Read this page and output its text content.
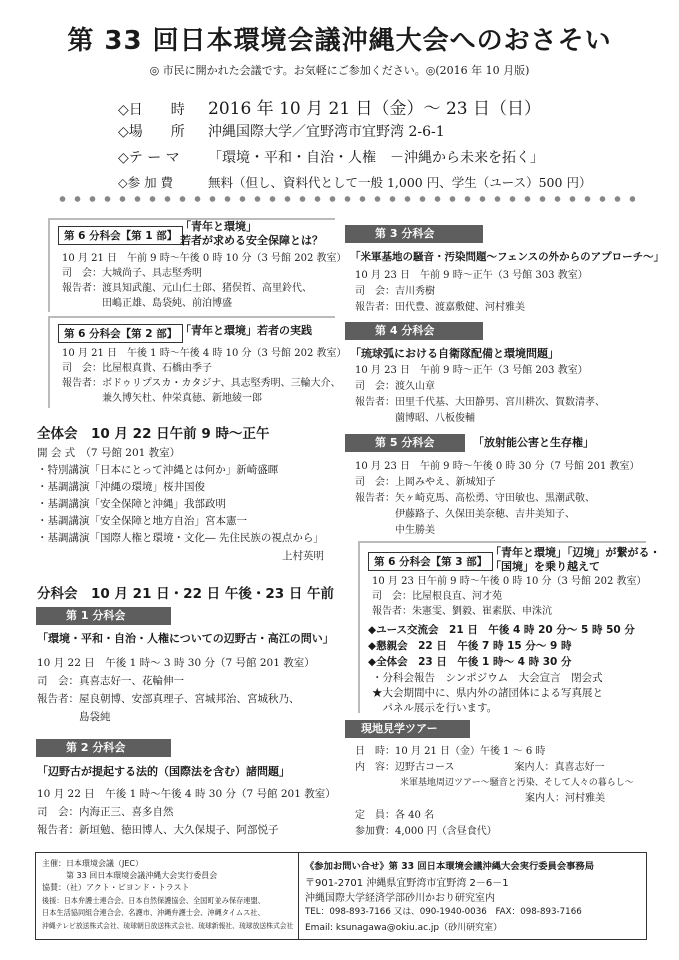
第 33 回日本環境会議沖縄大会へのおさそい
◎ 市民に開かれた会議です。お気軽にご参加ください。◎(2016 年 10 月版)
◇日　　時 2016 年 10 月 21 日（金）～ 23 日（日）
◇場　　所 沖縄国際大学／宜野湾市宜野湾 2-6-1
◇テ ー マ 「環境・平和・自治・人権　－沖縄から未来を拓く」
◇参 加 費	無料（但し、資料代として一般 1,000 円、学生（ユース）500 円）
第 6 分科会【第 1 部】
「青年と環境」
若者が求める安全保障とは？
10 月 21 日　午前 9 時～午後 0 時 10 分（3 号館 202 教室）
司　会：大城尚子、具志堅秀明
報告者：渡具知武龍、元山仁士郎、猪俣哲、高里鈴代、
　　　　田嶋正雄、島袋純、前泊博盛
第 6 分科会【第 2 部】 「青年と環境」若者の実践
10 月 21 日　午後 1 時～午後 4 時 10 分（3 号館 202 教室）
司　会：比屋根真貴、石橋由季子
報告者：ボドゥリプスカ・カタジナ、具志堅秀明、三輪大介、
　　　　兼久博矢杜、仲栄真徳、新地綾一郎
全体会　10 月 22 日午前 9 時～正午
開 会 式　（7 号館 201 教室）
・特別講演「日本にとって沖縄とは何か」新崎盛暉
・基調講演「沖縄の環境」桜井国俊
・基調講演「安全保障と沖縄」我部政明
・基調講演「安全保障と地方自治」宮本憲一
・基調講演「国際人権と環境・文化― 先住民族の視点から」
上村英明
分科会　10 月 21 日・22 日 午後・23 日 午前
第 1 分科会
「環境・平和・自治・人権についての辺野古・高江の問い」
10 月 22 日　午後 1 時～ 3 時 30 分（7 号館 201 教室）
司　会：真喜志好一、花輪伸一
報告者：屋良朝博、安部真理子、宮城邦治、宮城秋乃、
　　　　島袋純
第 2 分科会
「辺野古が提起する法的（国際法を含む）諸問題」
10 月 22 日　午後 1 時～午後 4 時 30 分（7 号館 201 教室）
司　会：内海正三、喜多自然
報告者：新垣勉、徳田博人、大久保規子、阿部悦子
第 3 分科会
「米軍基地の騒音・汚染問題～フェンスの外からのアプローチ～」
10 月 23 日　午前 9 時～正午（3 号館 303 教室）
司　会：吉川秀樹
報告者：田代豊、渡嘉敷健、河村雅美
第 4 分科会
「琉球弧における自衛隊配備と環境問題」
10 月 23 日　午前 9 時～正午（3 号館 203 教室）
司　会：渡久山章
報告者：田里千代基、大田静男、宮川耕次、賀数清孝、
　　　　薗博昭、八板俊輔
第 5 分科会	「放射能公害と生存権」
10 月 23 日　午前 9 時～午後 0 時 30 分（7 号館 201 教室）
司　会：上岡みやえ、新城知子
報告者：矢ヶ崎克馬、高松勇、守田敏也、黒潮武敬、
　　　　伊藤路子、久保田美奈穂、吉井美知子、
　　　　中生勝美
第 6 分科会【第 3 部】
「青年と環境」「辺境」が繋がる・
「国境」を乗り越えて
10 月 23 日午前 9 時～午後 0 時 10 分（3 号館 202 教室）
司　会：比屋根良直、河才苑
報告者：朱憲雯、劉毅、崔素朕、申洙沆
◆ユース交流会　21 日　午後 4 時 20 分～ 5 時 50 分
◆懇親会　22 日　午後 7 時 15 分～ 9 時
◆全体会　23 日　午後 1 時～ 4 時 30 分
・分科会報告　シンポジウム　大会宣言　閉会式
★大会期間中に、県内外の諸団体による写真展と
　パネル展示を行います。
現地見学ツアー
日　時：10 月 21 日（金）午後 1 ～ 6 時
内　容：辺野古コース　　　　　　案内人：真喜志好一
　　　　　米軍基地周辺ツアー～騒音と汚染、そして人々の暮らし～
　　　　　　　　　　　　　　　　　案内人：河村雅美
定　員：各 40 名
参加費：4,000 円（含昼食代）
主催：日本環境会議（JEC）
　　　第 33 回日本環境会議沖縄大会実行委員会
協賛：（社）アクト・ビヨンド・トラスト
後援：日本弁護士連合会、日本自然保護協会、全国町並み保存連盟、
日本生活協同組合連合会、名護市、沖縄弁護士会、沖縄タイムス社、
沖縄テレビ放送株式会社、琉球朝日放送株式会社、琉球新報社、琉球放送株式会社
《参加お問い合せ》第 33 回日本環境会議沖縄大会実行委員会事務局
〒901-2701 沖縄県宜野湾市宜野湾 2－6－1
沖縄国際大学経済学部砂川かおり研究室内
TEL：098-893-7166 又は、090-1940-0036　FAX：098-893-7166
Email: ksunagawa@okiu.ac.jp（砂川研究室）
